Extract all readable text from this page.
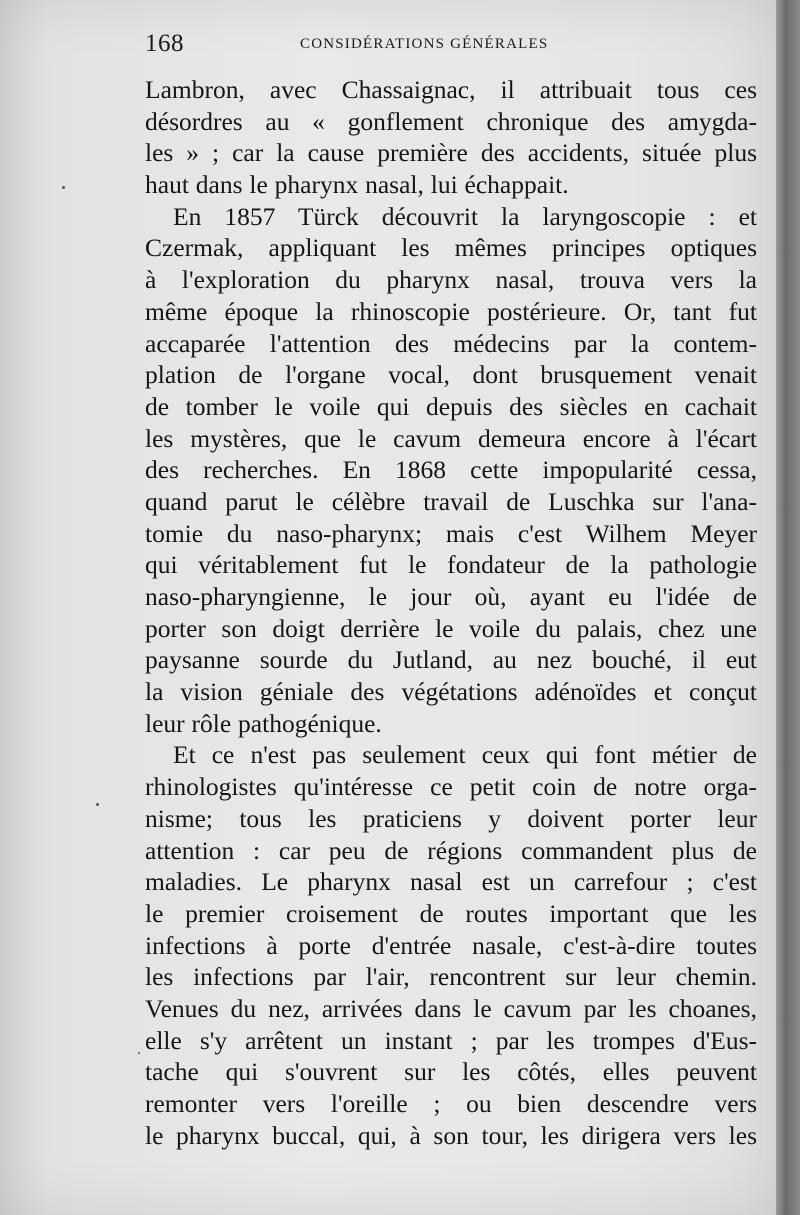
168	CONSIDÉRATIONS GÉNÉRALES
Lambron, avec Chassaignac, il attribuait tous ces
désordres au « gonflement chronique des amygda-
les » ; car la cause première des accidents, située plus
haut dans le pharynx nasal, lui échappait.
En 1857 Türck découvrit la laryngoscopie : et
Czermak, appliquant les mêmes principes optiques
à l'exploration du pharynx nasal, trouva vers la
même époque la rhinoscopie postérieure. Or, tant fut
accaparée l'attention des médecins par la contem-
plation de l'organe vocal, dont brusquement venait
de tomber le voile qui depuis des siècles en cachait
les mystères, que le cavum demeura encore à l'écart
des recherches. En 1868 cette impopularité cessa,
quand parut le célèbre travail de Luschka sur l'ana-
tomie du naso-pharynx; mais c'est Wilhem Meyer
qui véritablement fut le fondateur de la pathologie
naso-pharyngienne, le jour où, ayant eu l'idée de
porter son doigt derrière le voile du palais, chez une
paysanne sourde du Jutland, au nez bouché, il eut
la vision géniale des végétations adénoïdes et conçut
leur rôle pathogénique.
Et ce n'est pas seulement ceux qui font métier de
rhinologistes qu'intéresse ce petit coin de notre orga-
nisme; tous les praticiens y doivent porter leur
attention : car peu de régions commandent plus de
maladies. Le pharynx nasal est un carrefour ; c'est
le premier croisement de routes important que les
infections à porte d'entrée nasale, c'est-à-dire toutes
les infections par l'air, rencontrent sur leur chemin.
Venues du nez, arrivées dans le cavum par les choanes,
elle s'y arrêtent un instant ; par les trompes d'Eus-
tache qui s'ouvrent sur les côtés, elles peuvent
remonter vers l'oreille ; ou bien descendre vers
le pharynx buccal, qui, à son tour, les dirigera vers les
